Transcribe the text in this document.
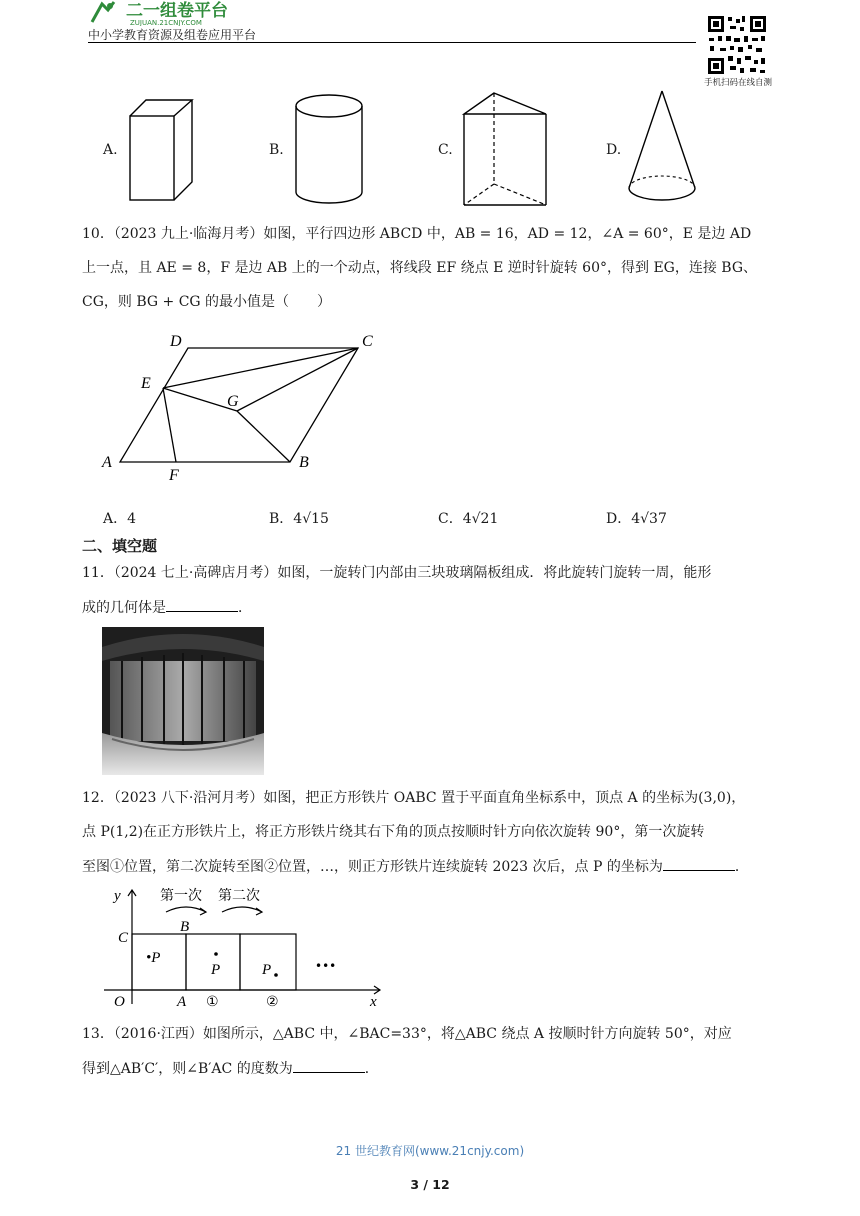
二一组卷平台
ZUJUAN.21CNJY.COM
中小学教育资源及组卷应用平台
手机扫码在线自测
A.	B.	C.	D.
10．（2023 九上·临海月考）如图，平行四边形 ABCD 中，AB = 16，AD = 12，∠A = 60°，E 是边 AD
上一点，且 AE = 8，F 是边 AB 上的一个动点，将线段 EF 绕点 E 逆时针旋转 60°，得到 EG，连接 BG、
CG，则 BG + CG 的最小值是（　　）
A	B
C
D
E
F
G
A．4	B．4√15	C．4√21	D．4√37
二、填空题
11．（2024 七上·高碑店月考）如图，一旋转门内部由三块玻璃隔板组成．将此旋转门旋转一周，能形
成的几何体是	．
12．（2023 八下·沿河月考）如图，把正方形铁片 OABC 置于平面直角坐标系中，顶点 A 的坐标为(3,0)，
点 P(1,2)在正方形铁片上，将正方形铁片绕其右下角的顶点按顺时针方向依次旋转 90°，第一次旋转
至图①位置，第二次旋转至图②位置，…，则正方形铁片连续旋转 2023 次后，点 P 的坐标为	．
y
x
O	A
B
C
•P
P	P
①	②
•••
第一次 第二次
13．（2016·江西）如图所示，△ABC 中，∠BAC=33°，将△ABC 绕点 A 按顺时针方向旋转 50°，对应
得到△AB′C′，则∠B′AC 的度数为	．
21 世纪教育网(www.21cnjy.com)
3 / 12
